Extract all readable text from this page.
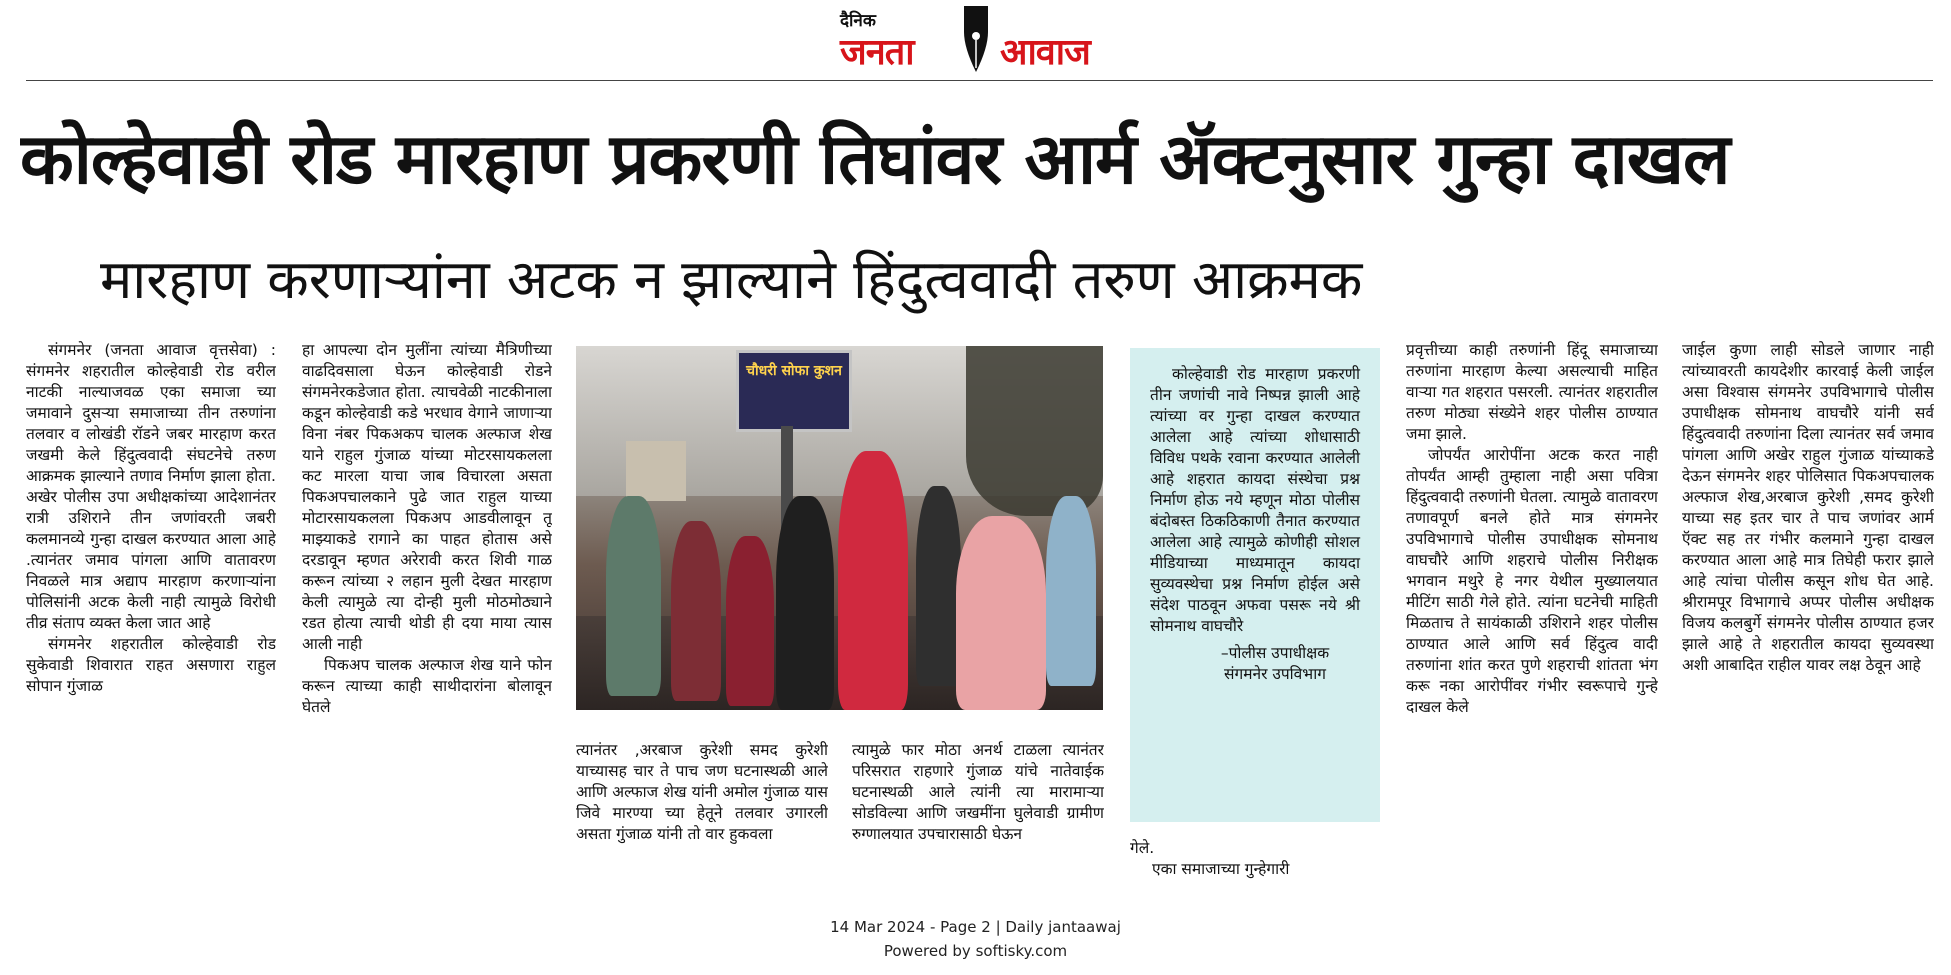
दैनिक
जनता आवाज
कोल्हेवाडी रोड मारहाण प्रकरणी तिघांवर आर्म ॲक्टनुसार गुन्हा दाखल
मारहाण करणाऱ्यांना अटक न झाल्याने हिंदुत्ववादी तरुण आक्रमक

संगमनेर (जनता आवाज वृत्तसेवा) : संगमनेर शहरातील कोल्हेवाडी रोड वरील नाटकी नाल्याजवळ एका समाजा च्या जमावाने दुसऱ्या समाजाच्या तीन तरुणांना तलवार व लोखंडी रॉडने जबर मारहाण करत जखमी केले हिंदुत्ववादी संघटनेचे तरुण आक्रमक झाल्याने तणाव निर्माण झाला होता. अखेर पोलीस उपा अधीक्षकांच्या आदेशानंतर रात्री उशिराने तीन जणांवरती जबरी कलमानव्ये गुन्हा दाखल करण्यात आला आहे .त्यानंतर जमाव पांगला आणि वातावरण निवळले मात्र अद्याप मारहाण करणाऱ्यांना पोलिसांनी अटक केली नाही त्यामुळे विरोधी तीव्र संताप व्यक्त केला जात आहे

संगमनेर शहरातील कोल्हेवाडी रोड सुकेवाडी शिवारात राहत असणारा राहुल सोपान गुंजाळ

हा आपल्या दोन मुलींना त्यांच्या मैत्रिणीच्या वाढदिवसाला घेऊन कोल्हेवाडी रोडने संगमनेरकडेजात होता. त्याचवेळी नाटकीनाला कडून कोल्हेवाडी कडे भरधाव वेगाने जाणाऱ्या विना नंबर पिकअकप चालक अल्फाज शेख याने राहुल गुंजाळ यांच्या मोटरसायकलला कट मारला याचा जाब विचारला असता पिकअपचालकाने पुढे जात राहुल याच्या मोटारसायकलला पिकअप आडवीलावून तू माझ्याकडे रागाने का पाहत होतास असे दरडावून म्हणत अरेरावी करत शिवी गाळ करून त्यांच्या २ लहान मुली देखत मारहाण केली त्यामुळे त्या दोन्ही मुली मोठमोठ्याने रडत होत्या त्याची थोडी ही दया माया त्यास आली नाही

पिकअप चालक अल्फाज शेख याने फोन करून त्याच्या काही साथीदारांना बोलावून घेतले

चौधरी सोफा कुशन

त्यानंतर ,अरबाज कुरेशी समद कुरेशी याच्यासह चार ते पाच जण घटनास्थळी आले आणि अल्फाज शेख यांनी अमोल गुंजाळ यास जिवे मारण्या च्या हेतूने तलवार उगारली असता गुंजाळ यांनी तो वार हुकवला

त्यामुळे फार मोठा अनर्थ टाळला त्यानंतर परिसरात राहणारे गुंजाळ यांचे नातेवाईक घटनास्थळी आले त्यांनी त्या मारामाऱ्या सोडविल्या आणि जखमींना घुलेवाडी ग्रामीण रुग्णालयात उपचारासाठी घेऊन

कोल्हेवाडी रोड मारहाण प्रकरणी तीन जणांची नावे निष्पन्न झाली आहे त्यांच्या वर गुन्हा दाखल करण्यात आलेला आहे त्यांच्या शोधासाठी विविध पथके रवाना करण्यात आलेली आहे शहरात कायदा संस्थेचा प्रश्न निर्माण होऊ नये म्हणून मोठा पोलीस बंदोबस्त ठिकठिकाणी तैनात करण्यात आलेला आहे त्यामुळे कोणीही सोशल मीडियाच्या माध्यमातून कायदा सुव्यवस्थेचा प्रश्न निर्माण होईल असे संदेश पाठवून अफवा पसरू नये श्री सोमनाथ वाघचौरे

–पोलीस उपाधीक्षक
संगमनेर उपविभाग

गेले.

एका समाजाच्या गुन्हेगारी

प्रवृत्तीच्या काही तरुणांनी हिंदू समाजाच्या तरुणांना मारहाण केल्या असल्याची माहित वाऱ्या गत शहरात पसरली. त्यानंतर शहरातील तरुण मोठ्या संख्येने शहर पोलीस ठाण्यात जमा झाले.

जोपर्यंत आरोपींना अटक करत नाही तोपर्यंत आम्ही तुम्हाला नाही असा पवित्रा हिंदुत्ववादी तरुणांनी घेतला. त्यामुळे वातावरण तणावपूर्ण बनले होते मात्र संगमनेर उपविभागाचे पोलीस उपाधीक्षक सोमनाथ वाघचौरे आणि शहराचे पोलीस निरीक्षक भगवान मथुरे हे नगर येथील मुख्यालयात मीटिंग साठी गेले होते. त्यांना घटनेची माहिती मिळताच ते सायंकाळी उशिराने शहर पोलीस ठाण्यात आले आणि सर्व हिंदुत्व वादी तरुणांना शांत करत पुणे शहराची शांतता भंग करू नका आरोपींवर गंभीर स्वरूपाचे गुन्हे दाखल केले

जाईल कुणा लाही सोडले जाणार नाही त्यांच्यावरती कायदेशीर कारवाई केली जाईल असा विश्वास संगमनेर उपविभागाचे पोलीस उपाधीक्षक सोमनाथ वाघचौरे यांनी सर्व हिंदुत्ववादी तरुणांना दिला त्यानंतर सर्व जमाव पांगला आणि अखेर राहुल गुंजाळ यांच्याकडे देऊन संगमनेर शहर पोलिसात पिकअपचालक अल्फाज शेख,अरबाज कुरेशी ,समद कुरेशी याच्या सह इतर चार ते पाच जणांवर आर्म ऍक्ट सह तर गंभीर कलमाने गुन्हा दाखल करण्यात आला आहे मात्र तिघेही फरार झाले आहे त्यांचा पोलीस कसून शोध घेत आहे. श्रीरामपूर विभागाचे अप्पर पोलीस अधीक्षक विजय कलबुर्गे संगमनेर पोलीस ठाण्यात हजर झाले आहे ते शहरातील कायदा सुव्यवस्था अशी आबादित राहील यावर लक्ष ठेवून आहे

14 Mar 2024 - Page 2 | Daily jantaawaj
Powered by softisky.com
